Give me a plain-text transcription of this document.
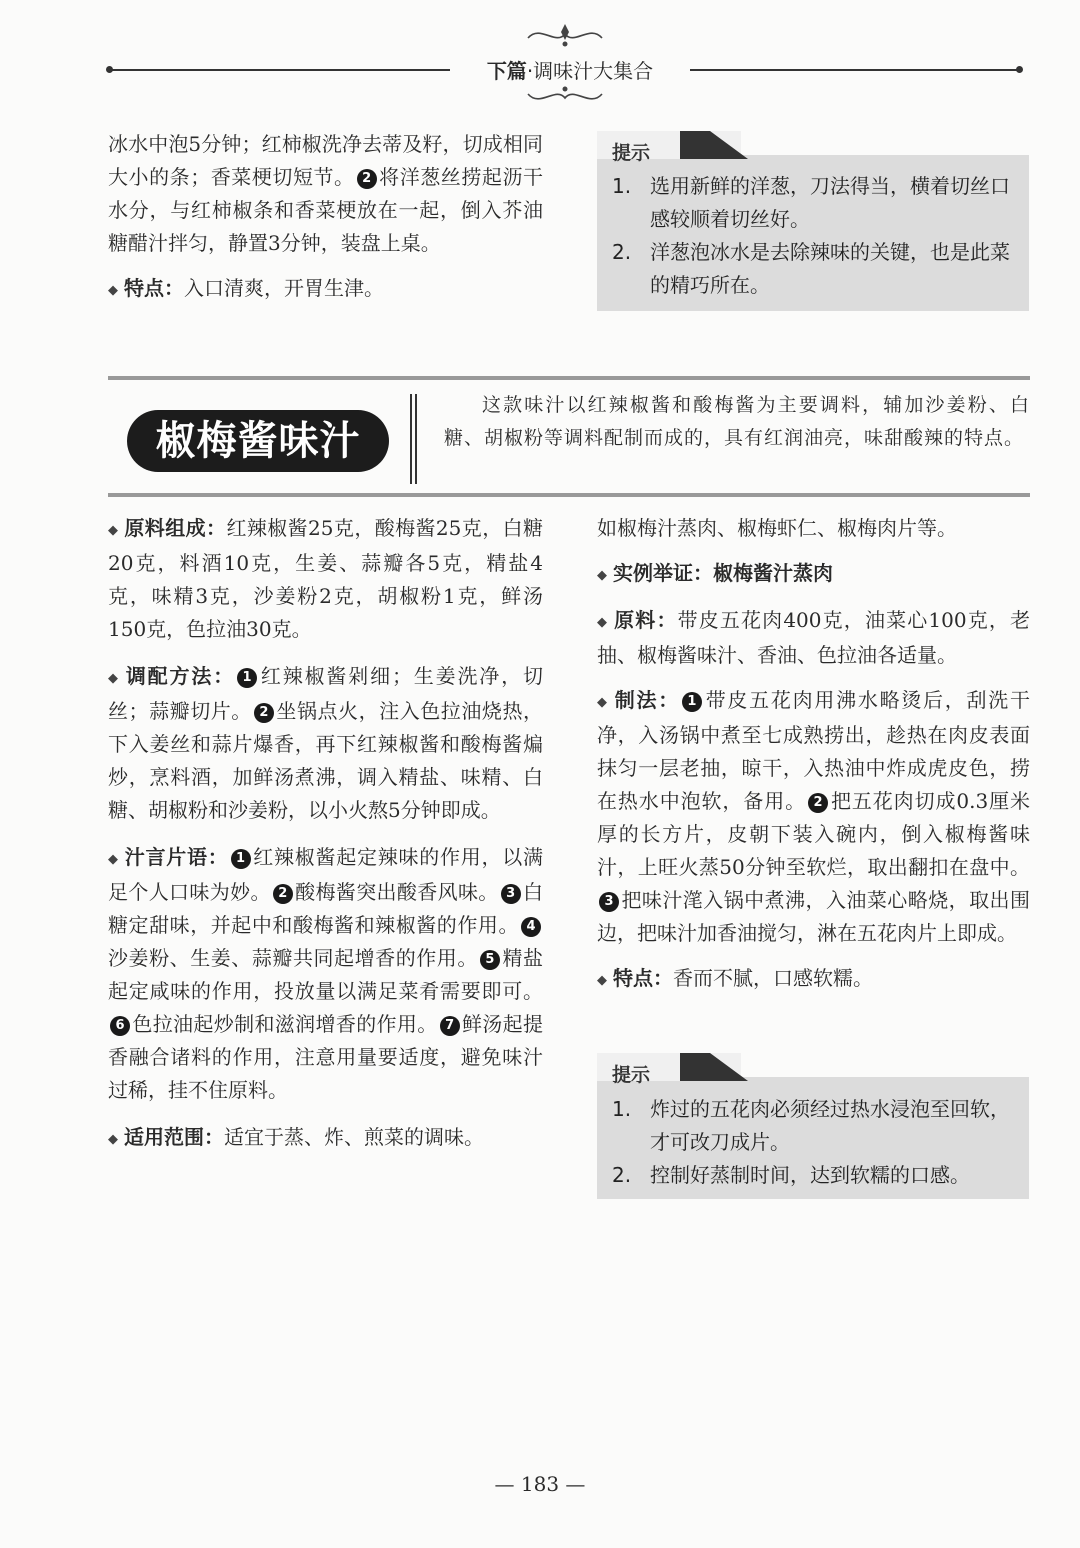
下篇·调味汁大集合

冰水中泡5分钟；红柿椒洗净去蒂及籽，切成相同大小的条；香菜梗切短节。 2 将洋葱丝捞起沥干水分，与红柿椒条和香菜梗放在一起，倒入芥油糖醋汁拌匀，静置3分钟，装盘上桌。

◆ 特点：入口清爽，开胃生津。

提示
1. 选用新鲜的洋葱，刀法得当，横着切丝口感较顺着切丝好。
2. 洋葱泡冰水是去除辣味的关键，也是此菜的精巧所在。
椒梅酱味汁
这款味汁以红辣椒酱和酸梅酱为主要调料，辅加沙姜粉、白糖、胡椒粉等调料配制而成的，具有红润油亮，味甜酸辣的特点。

◆ 原料组成：红辣椒酱25克，酸梅酱25克，白糖20克，料酒10克，生姜、蒜瓣各5克，精盐4克，味精3克，沙姜粉2克，胡椒粉1克，鲜汤150克，色拉油30克。

◆ 调配方法： 1 红辣椒酱剁细；生姜洗净，切丝；蒜瓣切片。 2 坐锅点火，注入色拉油烧热，下入姜丝和蒜片爆香，再下红辣椒酱和酸梅酱煸炒，烹料酒，加鲜汤煮沸，调入精盐、味精、白糖、胡椒粉和沙姜粉，以小火熬5分钟即成。

◆ 汁言片语： 1 红辣椒酱起定辣味的作用，以满足个人口味为妙。 2 酸梅酱突出酸香风味。 3 白糖定甜味，并起中和酸梅酱和辣椒酱的作用。 4沙姜粉、生姜、蒜瓣共同起增香的作用。 5 精盐起定咸味的作用，投放量以满足菜肴需要即可。6 色拉油起炒制和滋润增香的作用。 7 鲜汤起提香融合诸料的作用，注意用量要适度，避免味汁过稀，挂不住原料。

◆ 适用范围：适宜于蒸、炸、煎菜的调味。

如椒梅汁蒸肉、椒梅虾仁、椒梅肉片等。

◆ 实例举证：椒梅酱汁蒸肉

◆ 原料：带皮五花肉400克，油菜心100克，老抽、椒梅酱味汁、香油、色拉油各适量。

◆ 制法： 1 带皮五花肉用沸水略烫后，刮洗干净，入汤锅中煮至七成熟捞出，趁热在肉皮表面抹匀一层老抽，晾干，入热油中炸成虎皮色，捞在热水中泡软，备用。 2 把五花肉切成0.3厘米厚的长方片，皮朝下装入碗内，倒入椒梅酱味汁，上旺火蒸50分钟至软烂，取出翻扣在盘中。3 把味汁滗入锅中煮沸，入油菜心略烧，取出围边，把味汁加香油搅匀，淋在五花肉片上即成。

◆ 特点：香而不腻，口感软糯。

提示
1. 炸过的五花肉必须经过热水浸泡至回软，才可改刀成片。
2. 控制好蒸制时间，达到软糯的口感。
— 183 —
